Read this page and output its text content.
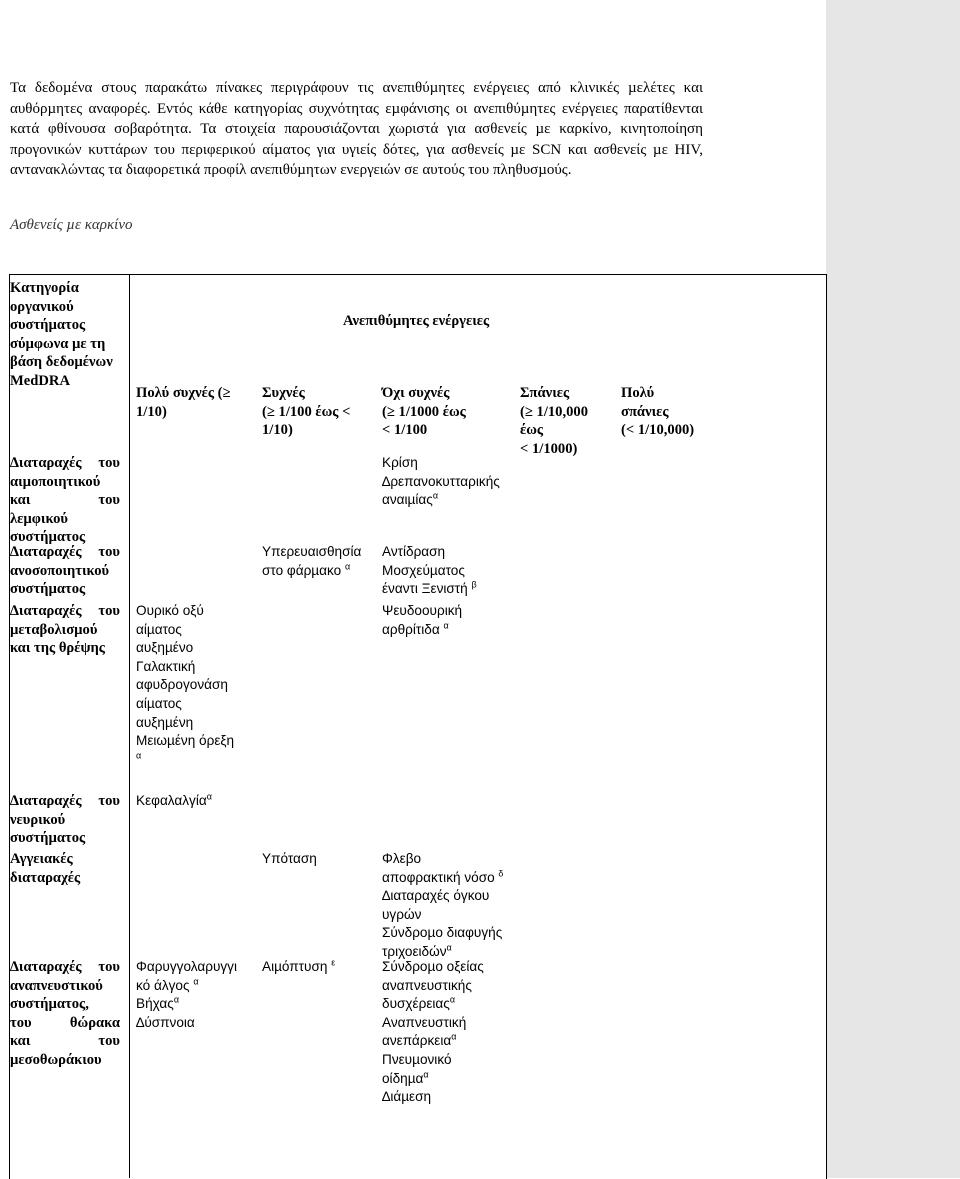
Τα δεδοµένα στους παρακάτω πίνακες περιγράφουν τις ανεπιθύµητες ενέργειες από κλινικές µελέτες και αυθόρµητες αναφορές. Εντός κάθε κατηγορίας συχνότητας εµφάνισης οι ανεπιθύµητες ενέργειες παρατίθενται κατά φθίνουσα σοβαρότητα. Τα στοιχεία παρουσιάζονται χωριστά για ασθενείς µε καρκίνο, κινητοποίηση προγονικών κυττάρων του περιφερικού αίµατος για υγιείς δότες, για ασθενείς µε SCN και ασθενείς µε HIV, αντανακλώντας τα διαφορετικά προφίλ ανεπιθύµητων ενεργειών σε αυτούς του πληθυσµούς.
Ασθενείς µε καρκίνο
Κατηγορία
οργανικού
συστήµατος
σύµφωνα µε τη
βάση δεδοµένων
MedDRA
Ανεπιθύµητες ενέργειες
Πολύ συχνές (≥
1/10)
Συχνές
(≥ 1/100 έως <
1/10)
Όχι συχνές
(≥ 1/1000 έως
< 1/100
Σπάνιες
(≥ 1/10,000
έως
< 1/1000)
Πολύ
σπάνιες
(< 1/10,000)
∆ιαταραχές του
αιµοποιητικού
και του
λεµφικού
συστήµατος
Κρίση
∆ρεπανοκυτταρικής
αναιµίας$^\alpha$
∆ιαταραχές του
ανοσοποιητικού
συστήµατος
Υπερευαισθησία
στο φάρµακο $^\alpha$
Αντίδραση
Μοσχεύµατος
έναντι Ξενιστή $^\beta$
∆ιαταραχές του
µεταβολισµού
και της θρέψης
Ουρικό οξύ
αίµατος
αυξηµένο
Γαλακτική
αφυδρογονάση
αίµατος
αυξηµένη
Μειωµένη όρεξη
$^\alpha$
Ψευδοουρική
αρθρίτιδα $^\alpha$
∆ιαταραχές του
νευρικού
συστήµατος
Κεφαλαλγία$^\alpha$
Αγγειακές
διαταραχές
Υπόταση	Φλεβο
αποφρακτική νόσο $^\delta$
∆ιαταραχές όγκου
υγρών
Σύνδροµο διαφυγής
τριχοειδών$^\alpha$
∆ιαταραχές του
αναπνευστικού
συστήµατος,
του θώρακα
και του
µεσοθωράκιου
Φαρυγγολαρυγγι
κό άλγος $^\alpha$
Βήχας$^\alpha$
∆ύσπνοια
Αιµόπτυση $^\varepsilon$	Σύνδροµο οξείας
αναπνευστικής
δυσχέρειας$^\alpha$
Αναπνευστική
ανεπάρκεια$^\alpha$
Πνευµονικό
οίδηµα$^\alpha$
∆ιάµεση
